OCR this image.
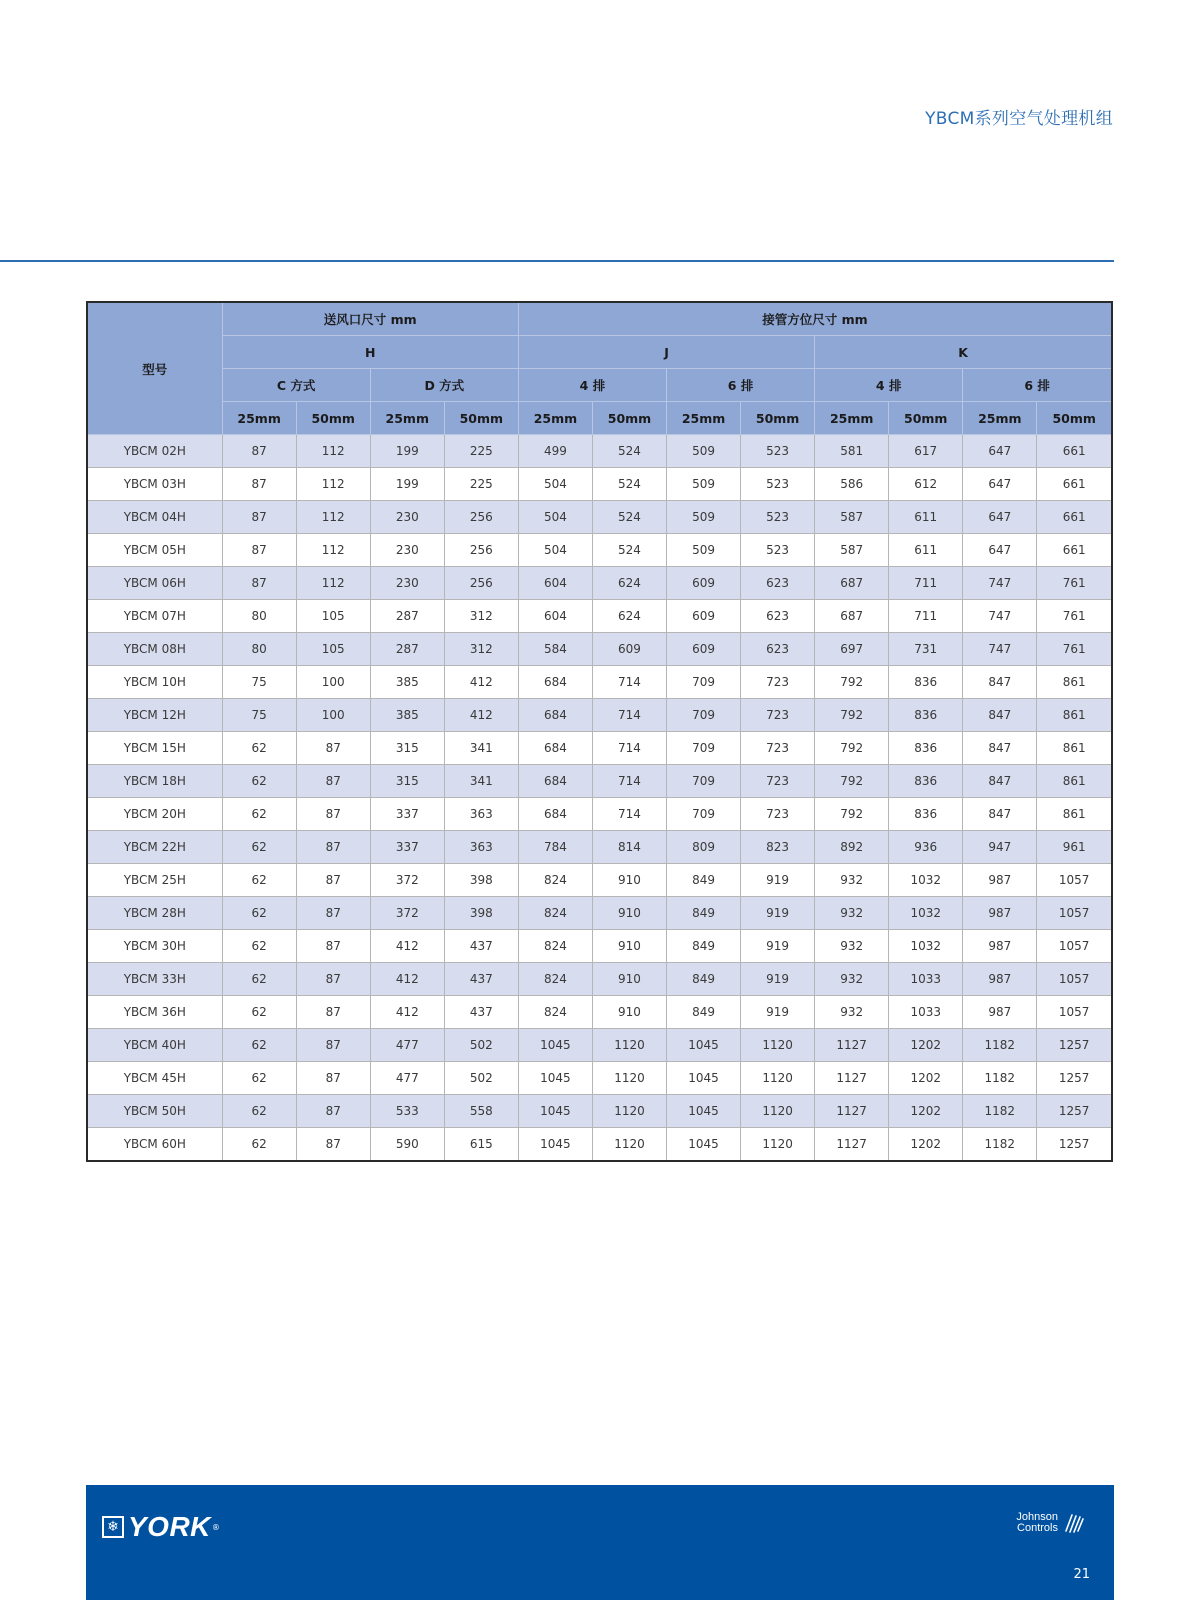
YBCM系列空气处理机组
型号	送风口尺寸 mm				接管方位尺寸 mm							
	H				J				K			
	C 方式		D 方式		4 排		6 排		4 排		6 排	
	25mm	50mm	25mm	50mm	25mm	50mm	25mm	50mm	25mm	50mm	25mm	50mm
YBCM 02H	87	112	199	225	499	524	509	523	581	617	647	661
YBCM 03H	87	112	199	225	504	524	509	523	586	612	647	661
YBCM 04H	87	112	230	256	504	524	509	523	587	611	647	661
YBCM 05H	87	112	230	256	504	524	509	523	587	611	647	661
YBCM 06H	87	112	230	256	604	624	609	623	687	711	747	761
YBCM 07H	80	105	287	312	604	624	609	623	687	711	747	761
YBCM 08H	80	105	287	312	584	609	609	623	697	731	747	761
YBCM 10H	75	100	385	412	684	714	709	723	792	836	847	861
YBCM 12H	75	100	385	412	684	714	709	723	792	836	847	861
YBCM 15H	62	87	315	341	684	714	709	723	792	836	847	861
YBCM 18H	62	87	315	341	684	714	709	723	792	836	847	861
YBCM 20H	62	87	337	363	684	714	709	723	792	836	847	861
YBCM 22H	62	87	337	363	784	814	809	823	892	936	947	961
YBCM 25H	62	87	372	398	824	910	849	919	932	1032	987	1057
YBCM 28H	62	87	372	398	824	910	849	919	932	1032	987	1057
YBCM 30H	62	87	412	437	824	910	849	919	932	1032	987	1057
YBCM 33H	62	87	412	437	824	910	849	919	932	1033	987	1057
YBCM 36H	62	87	412	437	824	910	849	919	932	1033	987	1057
YBCM 40H	62	87	477	502	1045	1120	1045	1120	1127	1202	1182	1257
YBCM 45H	62	87	477	502	1045	1120	1045	1120	1127	1202	1182	1257
YBCM 50H	62	87	533	558	1045	1120	1045	1120	1127	1202	1182	1257
YBCM 60H	62	87	590	615	1045	1120	1045	1120	1127	1202	1182	1257
❄ YORK ®
Johnson
Controls
21
